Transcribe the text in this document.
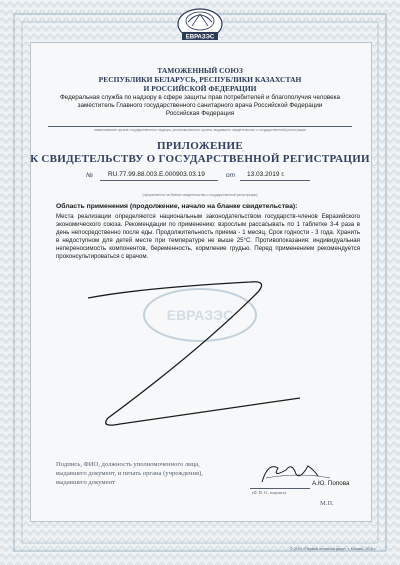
ЕВРАЗЭС
ТАМОЖЕННЫЙ СОЮЗ
РЕСПУБЛИКИ БЕЛАРУСЬ, РЕСПУБЛИКИ КАЗАХСТАН
И РОССИЙСКОЙ ФЕДЕРАЦИИ
Федеральная служба по надзору в сфере защиты прав потребителей и благополучия человека
заместитель Главного государственного санитарного врача Российской Федерации
Российская Федерация
наименование органа государственного надзора, уполномоченного органа, выдавшего свидетельство о государственной регистрации
ПРИЛОЖЕНИЕ
К СВИДЕТЕЛЬСТВУ О ГОСУДАРСТВЕННОЙ РЕГИСТРАЦИИ
№ RU.77.99.88.003.E.000903.03.19	от 13.03.2019 г.
(оформляется на бланке свидетельства о государственной регистрации)
Область применения (продолжение, начало на бланке свидетельства):
Места реализации определяются национальным законодательством государств-членов Евразийского экономического союза. Рекомендации по применению: взрослым рассасывать по 1 таблетке 3-4 раза в день непосредственно после еды. Продолжительность приема - 1 месяц. Срок годности - 3 года. Хранить в недоступном для детей месте при температуре не выше 25°С. Противопоказания: индивидуальная непереносимость компонентов, беременность, кормление грудью. Перед применением рекомендуется проконсультироваться с врачом.
ЕВРАЗЭС
Подпись, ФИО, должность уполномоченного лица, выдавшего документ, и печать органа (учреждения), выдавшего документ	А.Ю. Попова
(Ф. И. О., подпись)
М.П.
© ООО «Первый печатный двор», г. Москва, 2018 г.
